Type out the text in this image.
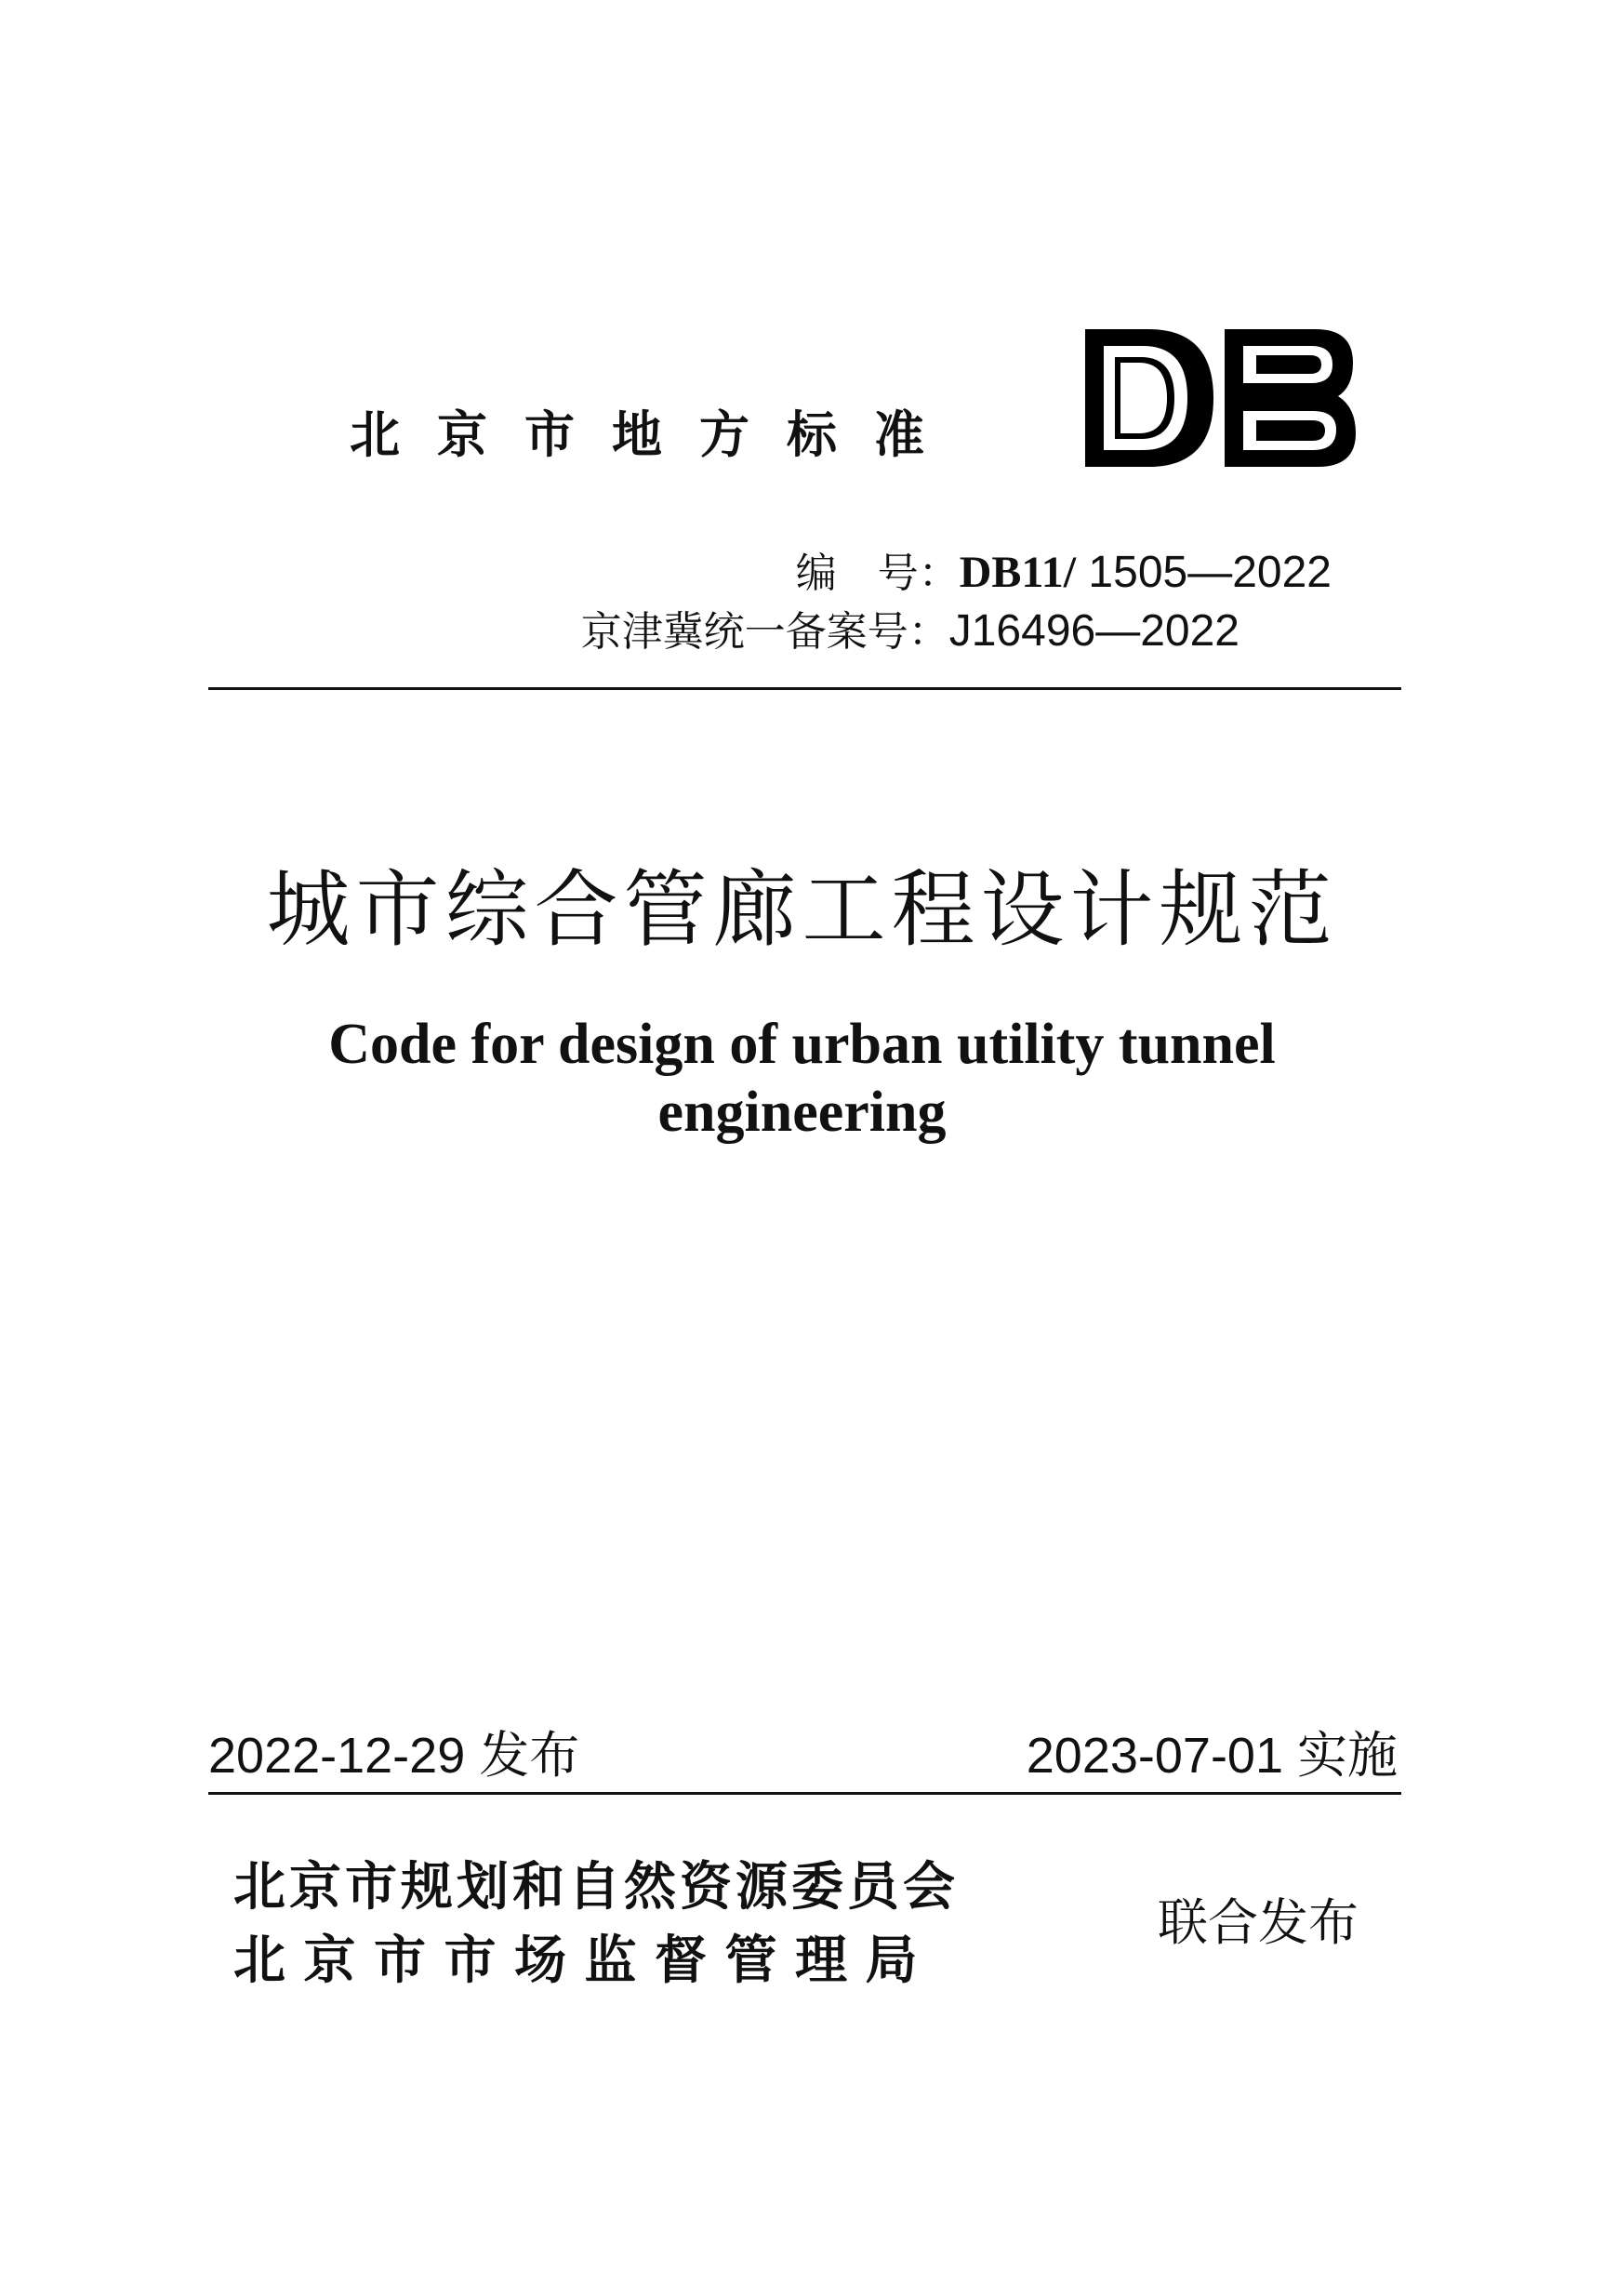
北京市地方标准
编　号：DB11/ 1505—2022
京津冀统一备案号：J16496—2022
城市综合管廊工程设计规范
Code for design of urban utility tunnel
engineering
2022-12-29 发布	2023-07-01 实施
北京市规划和自然资源委员会
北 京 市 市 场 监 督 管 理 局
联合发布
